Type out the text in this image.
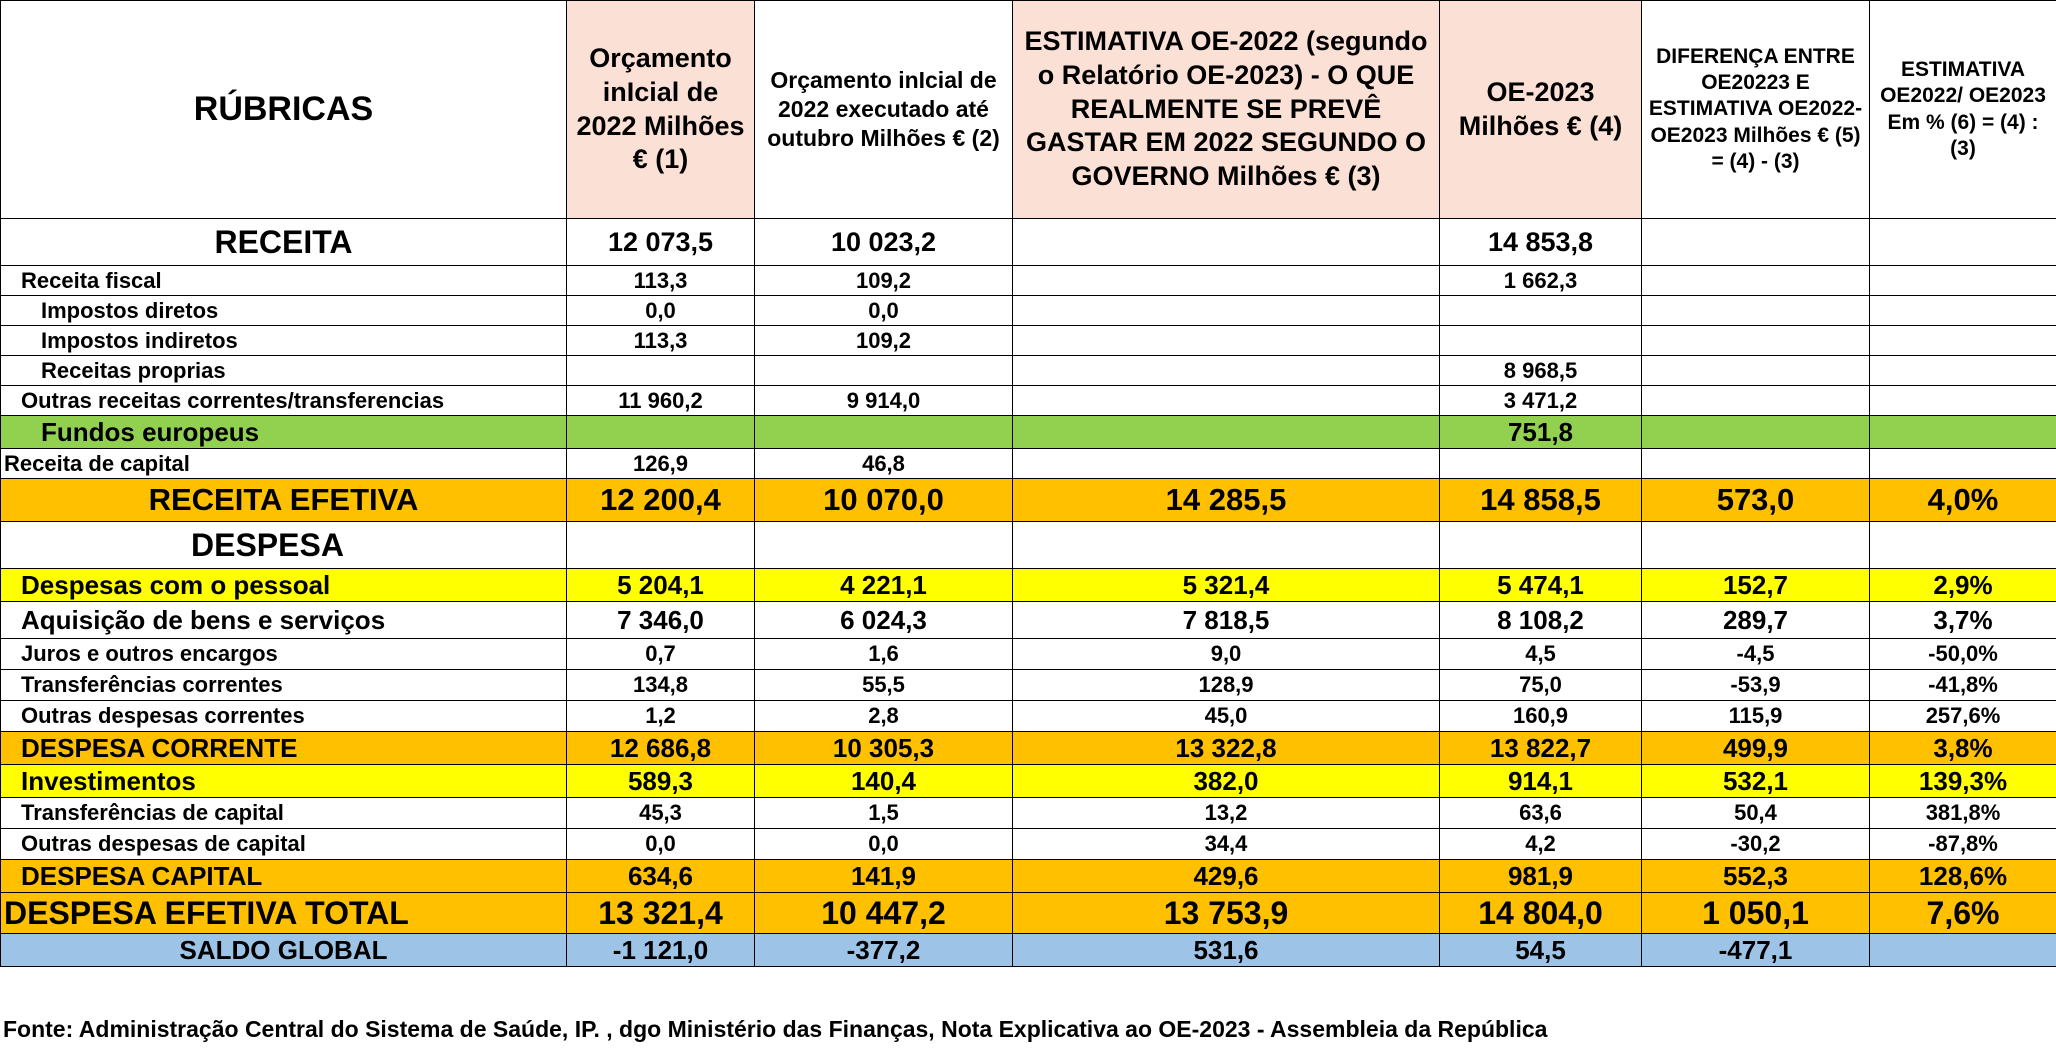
RÚBRICAS	Orçamento inIcial de 2022 Milhões € (1)	Orçamento inIcial de 2022 executado até outubro Milhões € (2)	ESTIMATIVA OE-2022 (segundo o Relatório OE-2023) - O QUE REALMENTE SE PREVÊ GASTAR EM 2022 SEGUNDO O GOVERNO Milhões € (3)	OE-2023 Milhões € (4)	DIFERENÇA ENTRE OE20223 E ESTIMATIVA OE2022-OE2023 Milhões € (5) = (4) - (3)	ESTIMATIVA OE2022/ OE2023 Em % (6) = (4) : (3)
RECEITA	12 073,5	10 023,2		14 853,8		
Receita fiscal	113,3	109,2		1 662,3		
Impostos diretos	0,0	0,0				
Impostos indiretos	113,3	109,2				
Receitas proprias				8 968,5		
Outras receitas correntes/transferencias	11 960,2	9 914,0		3 471,2		
Fundos europeus				751,8		
Receita de capital	126,9	46,8				
RECEITA EFETIVA	12 200,4	10 070,0	14 285,5	14 858,5	573,0	4,0%
DESPESA						
Despesas com o pessoal	5 204,1	4 221,1	5 321,4	5 474,1	152,7	2,9%
Aquisição de bens e serviços	7 346,0	6 024,3	7 818,5	8 108,2	289,7	3,7%
Juros e outros encargos	0,7	1,6	9,0	4,5	-4,5	-50,0%
Transferências correntes	134,8	55,5	128,9	75,0	-53,9	-41,8%
Outras despesas correntes	1,2	2,8	45,0	160,9	115,9	257,6%
DESPESA CORRENTE	12 686,8	10 305,3	13 322,8	13 822,7	499,9	3,8%
Investimentos	589,3	140,4	382,0	914,1	532,1	139,3%
Transferências de capital	45,3	1,5	13,2	63,6	50,4	381,8%
Outras despesas de capital	0,0	0,0	34,4	4,2	-30,2	-87,8%
DESPESA CAPITAL	634,6	141,9	429,6	981,9	552,3	128,6%
DESPESA EFETIVA TOTAL	13 321,4	10 447,2	13 753,9	14 804,0	1 050,1	7,6%
SALDO GLOBAL	-1 121,0	-377,2	531,6	54,5	-477,1	
Fonte: Administração Central do Sistema de Saúde, IP. , dgo Ministério das Finanças, Nota Explicativa ao OE-2023 - Assembleia da República
